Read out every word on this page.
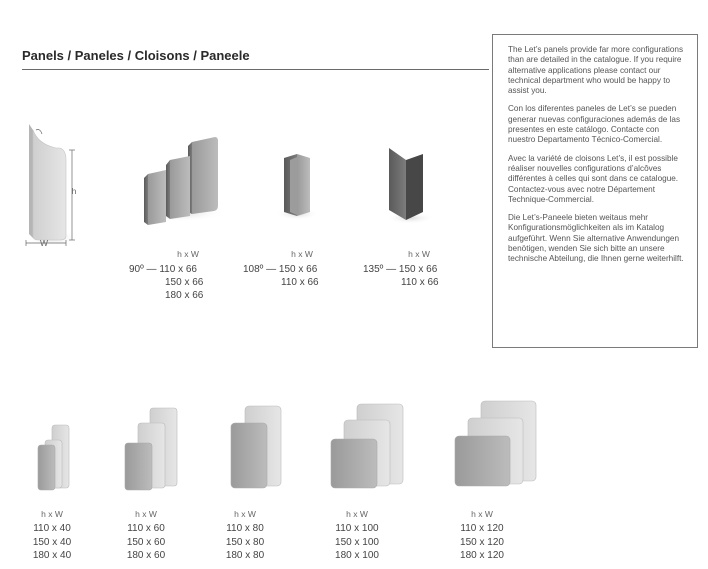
Panels / Paneles / Cloisons / Paneele	The Let’s panels provide far more configurations than are detailed in the catalogue. If you require alternative applications please contact our technical department who would be happy to assist you.

Con los diferentes paneles de Let’s se pueden generar nuevas configuraciones además de las presentes en este catálogo. Contacte con nuestro Departamento Técnico-Comercial.

Avec la variété de cloisons Let’s, il est possible réaliser nouvelles configurations d’alcôves différentes à celles qui sont dans ce catalogue. Contactez-vous avec notre Département Technique-Commercial.

Die Let’s-Paneele bieten weitaus mehr Konfigurationsmöglichkeiten als im Katalog aufgeführt. Wenn Sie alternative Anwendungen benötigen, wenden Sie sich bitte an unsere technische Abteilung, die Ihnen gerne weiterhilft.

W
h
h x W
90º — 110 x 66
150 x 66
180 x 66
h x W
108º — 150 x 66
110 x 66
h x W
135º — 150 x 66
110 x 66
h x W
110 x 40
150 x 40
180 x 40
h x W
110 x 60
150 x 60
180 x 60
h x W
110 x 80
150 x 80
180 x 80
h x W
110 x 100
150 x 100
180 x 100
h x W
110 x 120
150 x 120
180 x 120
